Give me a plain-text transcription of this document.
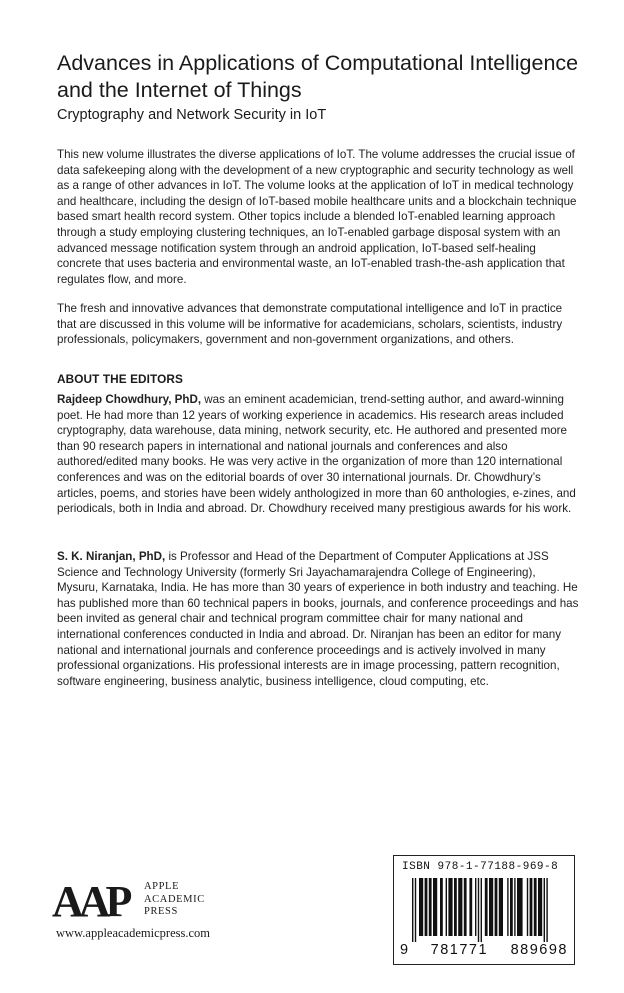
Advances in Applications of Computational Intelligence and the Internet of Things
Cryptography and Network Security in IoT

This new volume illustrates the diverse applications of IoT. The volume addresses the crucial issue of data safekeeping along with the development of a new cryptographic and security technology as well as a range of other advances in IoT. The volume looks at the application of IoT in medical technology and healthcare, including the design of IoT-based mobile healthcare units and a blockchain technique based smart health record system. Other topics include a blended IoT-enabled learning approach through a study employing clustering techniques, an IoT-enabled garbage disposal system with an advanced message notification system through an android application, IoT-based self-healing concrete that uses bacteria and environmental waste, an IoT-enabled trash-the-ash application that regulates flow, and more.

The fresh and innovative advances that demonstrate computational intelligence and IoT in practice that are discussed in this volume will be informative for academicians, scholars, scientists, industry professionals, policymakers, government and non-government organizations, and others.

ABOUT THE EDITORS

Rajdeep Chowdhury, PhD, was an eminent academician, trend-setting author, and award-winning poet. He had more than 12 years of working experience in academics. His research areas included cryptography, data warehouse, data mining, network security, etc. He authored and presented more than 90 research papers in international and national journals and conferences and also authored/edited many books. He was very active in the organization of more than 120 international conferences and was on the editorial boards of over 30 international journals. Dr. Chowdhury’s articles, poems, and stories have been widely anthologized in more than 60 anthologies, e-zines, and periodicals, both in India and abroad. Dr. Chowdhury received many prestigious awards for his work.

S. K. Niranjan, PhD, is Professor and Head of the Department of Computer Applications at JSS Science and Technology University (formerly Sri Jayachamarajendra College of Engineering), Mysuru, Karnataka, India. He has more than 30 years of experience in both industry and teaching. He has published more than 60 technical papers in books, journals, and conference proceedings and has been invited as general chair and technical program committee chair for many national and international conferences conducted in India and abroad. Dr. Niranjan has been an editor for many national and international journals and conference proceedings and is actively involved in many professional organizations. His professional interests are in image processing, pattern recognition, software engineering, business analytic, business intelligence, cloud computing, etc.

AAP	APPLE
ACADEMIC
PRESS
www.appleacademicpress.com
ISBN 978-1-77188-969-8
9 781771 889698
